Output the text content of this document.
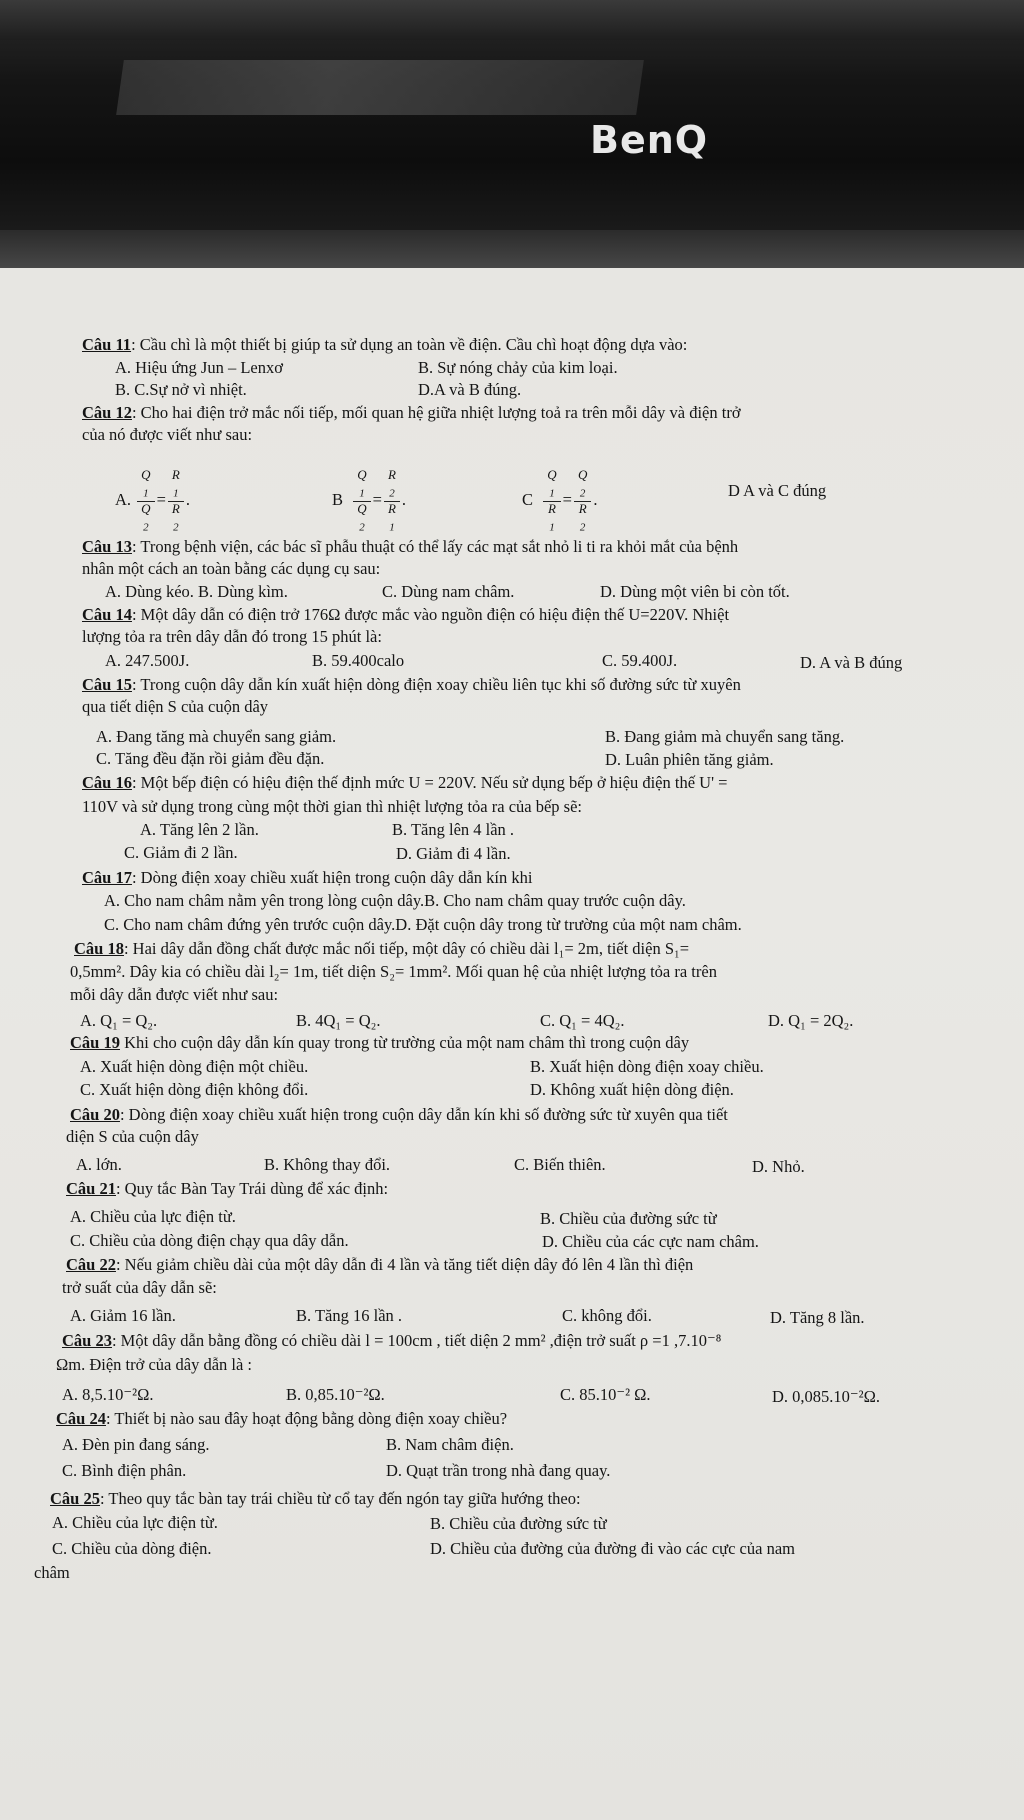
BenQ
Câu 11: Cầu chì là một thiết bị giúp ta sử dụng an toàn về điện. Cầu chì hoạt động dựa vào:
A. Hiệu ứng Jun – Lenxơ	B. Sự nóng chảy của kim loại.
B. C.Sự nở vì nhiệt.	D.A và B đúng.
Câu 12: Cho hai điện trở mắc nối tiếp, mối quan hệ giữa nhiệt lượng toả ra trên mỗi dây và điện trở
của nó được viết như sau:
A. Q
$_1$
Q
$_2$ = R
$_1$
R
$_2$ .	B Q
$_1$
Q
$_2$ = R
$_2$
R
$_1$ .	C Q
$_1$
R
$_1$ = Q
$_2$
R
$_2$ .	D A và C đúng
Câu 13: Trong bệnh viện, các bác sĩ phẫu thuật có thể lấy các mạt sắt nhỏ li ti ra khỏi mắt của bệnh
nhân một cách an toàn bằng các dụng cụ sau:
A. Dùng kéo. B. Dùng kìm.	C. Dùng nam châm.	D. Dùng một viên bi còn tốt.
Câu 14: Một dây dẫn có điện trở 176Ω được mắc vào nguồn điện có hiệu điện thế U=220V. Nhiệt
lượng tỏa ra trên dây dẫn đó trong 15 phút là:
A. 247.500J.	B. 59.400calo	C. 59.400J.	D. A và B đúng
Câu 15: Trong cuộn dây dẫn kín xuất hiện dòng điện xoay chiều liên tục khi số đường sức từ xuyên
qua tiết diện S của cuộn dây
A. Đang tăng mà chuyển sang giảm.	B. Đang giảm mà chuyển sang tăng.
C. Tăng đều đặn rồi giảm đều đặn.	D. Luân phiên tăng giảm.
Câu 16: Một bếp điện có hiệu điện thế định mức U = 220V. Nếu sử dụng bếp ở hiệu điện thế U' =
110V và sử dụng trong cùng một thời gian thì nhiệt lượng tỏa ra của bếp sẽ:
A. Tăng lên 2 lần.	B. Tăng lên 4 lần .
C. Giảm đi 2 lần.	D. Giảm đi 4 lần.
Câu 17: Dòng điện xoay chiều xuất hiện trong cuộn dây dẫn kín khi
A. Cho nam châm nằm yên trong lòng cuộn dây.B. Cho nam châm quay trước cuộn dây.
C. Cho nam châm đứng yên trước cuộn dây.D. Đặt cuộn dây trong từ trường của một nam châm.
Câu 18: Hai dây dẫn đồng chất được mắc nối tiếp, một dây có chiều dài l₁= 2m, tiết diện S₁=
0,5mm². Dây kia có chiều dài l₂= 1m, tiết diện S₂= 1mm². Mối quan hệ của nhiệt lượng tỏa ra trên
mỗi dây dẫn được viết như sau:
A. Q₁ = Q₂.	B. 4Q₁ = Q₂.	C. Q₁ = 4Q₂.	D. Q₁ = 2Q₂.
Câu 19 Khi cho cuộn dây dẫn kín quay trong từ trường của một nam châm thì trong cuộn dây
A. Xuất hiện dòng điện một chiều.	B. Xuất hiện dòng điện xoay chiều.
C. Xuất hiện dòng điện không đổi.	D. Không xuất hiện dòng điện.
Câu 20: Dòng điện xoay chiều xuất hiện trong cuộn dây dẫn kín khi số đường sức từ xuyên qua tiết
diện S của cuộn dây
A. lớn.	B. Không thay đổi.	C. Biến thiên.	D. Nhỏ.
Câu 21: Quy tắc Bàn Tay Trái dùng để xác định:
A. Chiều của lực điện từ.	B. Chiều của đường sức từ
C. Chiều của dòng điện chạy qua dây dẫn.	D. Chiều của các cực nam châm.
Câu 22: Nếu giảm chiều dài của một dây dẫn đi 4 lần và tăng tiết diện dây đó lên 4 lần thì điện
trở suất của dây dẫn sẽ:
A. Giảm 16 lần.	B. Tăng 16 lần .	C. không đổi.	D. Tăng 8 lần.
Câu 23: Một dây dẫn bằng đồng có chiều dài l = 100cm , tiết diện 2 mm² ,điện trở suất ρ =1 ,7.10⁻⁸
Ωm. Điện trở của dây dẫn là :
A. 8,5.10⁻²Ω.	B. 0,85.10⁻²Ω.	C. 85.10⁻² Ω.	D. 0,085.10⁻²Ω.
Câu 24: Thiết bị nào sau đây hoạt động bằng dòng điện xoay chiều?
A. Đèn pin đang sáng.	B. Nam châm điện.
C. Bình điện phân.	D. Quạt trần trong nhà đang quay.
Câu 25: Theo quy tắc bàn tay trái chiều từ cổ tay đến ngón tay giữa hướng theo:
A. Chiều của lực điện từ.	B. Chiều của đường sức từ
C. Chiều của dòng điện.	D. Chiều của đường của đường đi vào các cực của nam
châm
